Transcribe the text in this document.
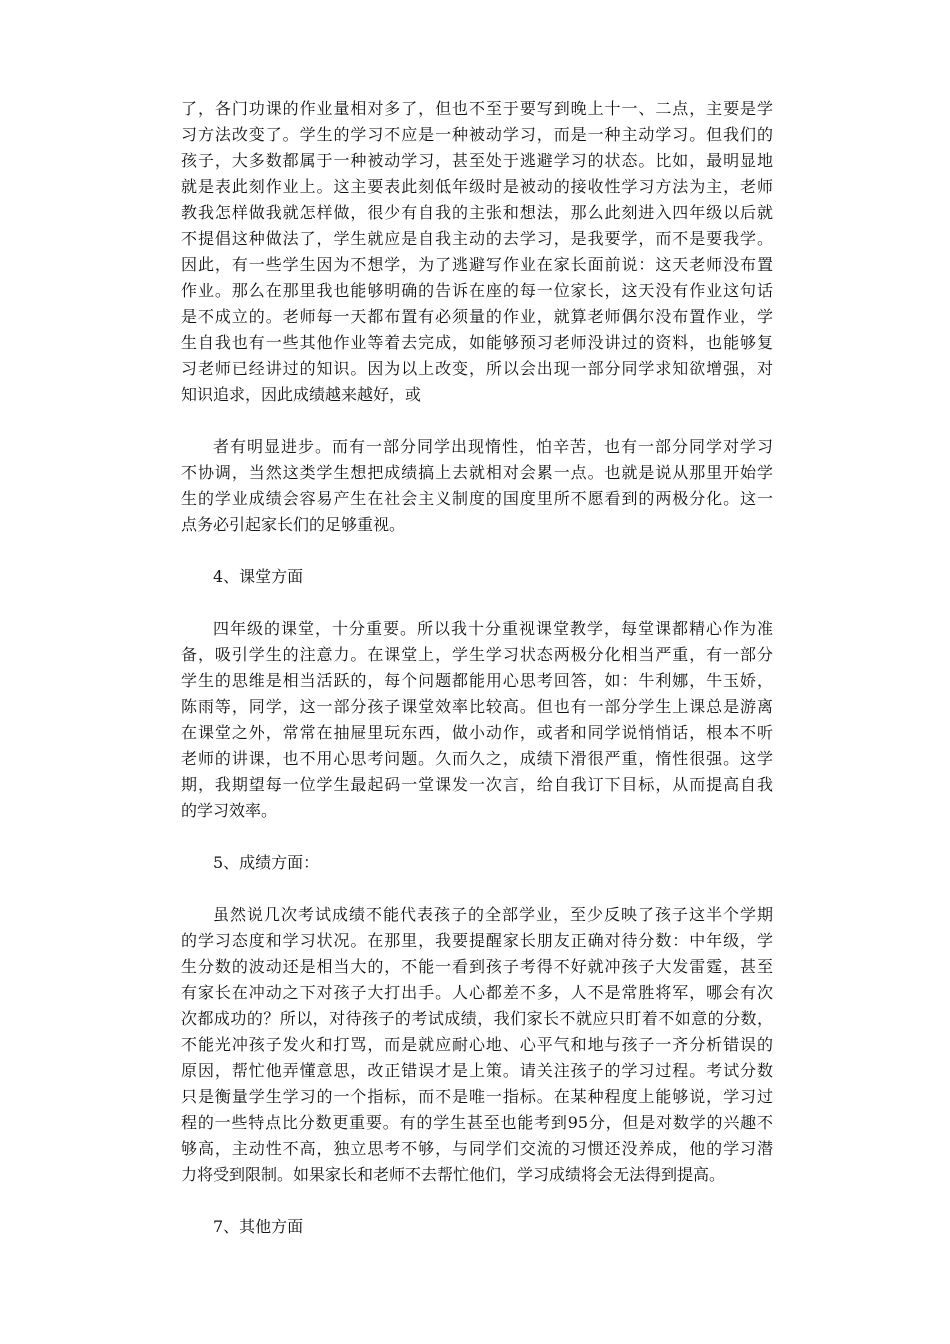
了，各门功课的作业量相对多了，但也不至于要写到晚上十一、二点，主要是学
习方法改变了。学生的学习不应是一种被动学习，而是一种主动学习。但我们的
孩子，大多数都属于一种被动学习，甚至处于逃避学习的状态。比如，最明显地
就是表此刻作业上。这主要表此刻低年级时是被动的接收性学习方法为主，老师
教我怎样做我就怎样做，很少有自我的主张和想法，那么此刻进入四年级以后就
不提倡这种做法了，学生就应是自我主动的去学习，是我要学，而不是要我学。
因此，有一些学生因为不想学，为了逃避写作业在家长面前说：这天老师没布置
作业。那么在那里我也能够明确的告诉在座的每一位家长，这天没有作业这句话
是不成立的。老师每一天都布置有必须量的作业，就算老师偶尔没布置作业，学
生自我也有一些其他作业等着去完成，如能够预习老师没讲过的资料，也能够复
习老师已经讲过的知识。因为以上改变，所以会出现一部分同学求知欲增强，对
知识追求，因此成绩越来越好，或
者有明显进步。而有一部分同学出现惰性，怕辛苦，也有一部分同学对学习
不协调，当然这类学生想把成绩搞上去就相对会累一点。也就是说从那里开始学
生的学业成绩会容易产生在社会主义制度的国度里所不愿看到的两极分化。这一
点务必引起家长们的足够重视。
4、课堂方面
四年级的课堂，十分重要。所以我十分重视课堂教学，每堂课都精心作为准
备，吸引学生的注意力。在课堂上，学生学习状态两极分化相当严重，有一部分
学生的思维是相当活跃的，每个问题都能用心思考回答，如：牛利娜，牛玉娇，
陈雨等，同学，这一部分孩子课堂效率比较高。但也有一部分学生上课总是游离
在课堂之外，常常在抽屉里玩东西，做小动作，或者和同学说悄悄话，根本不听
老师的讲课，也不用心思考问题。久而久之，成绩下滑很严重，惰性很强。这学
期，我期望每一位学生最起码一堂课发一次言，给自我订下目标，从而提高自我
的学习效率。
5、成绩方面：
虽然说几次考试成绩不能代表孩子的全部学业，至少反映了孩子这半个学期
的学习态度和学习状况。在那里，我要提醒家长朋友正确对待分数：中年级，学
生分数的波动还是相当大的，不能一看到孩子考得不好就冲孩子大发雷霆，甚至
有家长在冲动之下对孩子大打出手。人心都差不多，人不是常胜将军，哪会有次
次都成功的？所以，对待孩子的考试成绩，我们家长不就应只盯着不如意的分数，
不能光冲孩子发火和打骂，而是就应耐心地、心平气和地与孩子一齐分析错误的
原因，帮忙他弄懂意思，改正错误才是上策。请关注孩子的学习过程。考试分数
只是衡量学生学习的一个指标，而不是唯一指标。在某种程度上能够说，学习过
程的一些特点比分数更重要。有的学生甚至也能考到95分，但是对数学的兴趣不
够高，主动性不高，独立思考不够，与同学们交流的习惯还没养成，他的学习潜
力将受到限制。如果家长和老师不去帮忙他们，学习成绩将会无法得到提高。
7、其他方面
